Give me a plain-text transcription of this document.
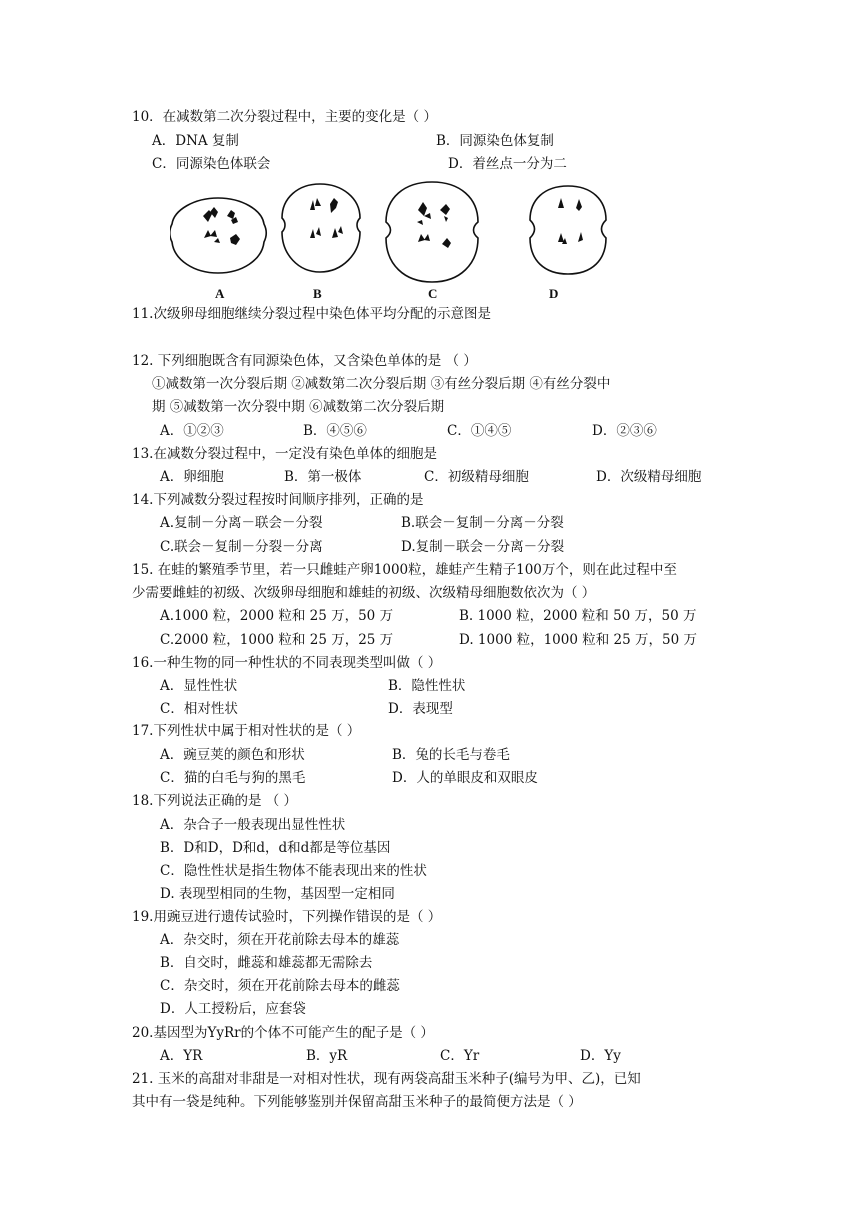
10．在减数第二次分裂过程中，主要的变化是（ ）
A．DNA 复制	B．同源染色体复制
C．同源染色体联会	D．着丝点一分为二
A	B	C	D
11.次级卵母细胞继续分裂过程中染色体平均分配的示意图是
12. 下列细胞既含有同源染色体，又含染色单体的是 （ ）
①减数第一次分裂后期 ②减数第二次分裂后期 ③有丝分裂后期 ④有丝分裂中
期 ⑤减数第一次分裂中期 ⑥减数第二次分裂后期
A．①②③	B．④⑤⑥	C．①④⑤	D．②③⑥
13.在减数分裂过程中，一定没有染色单体的细胞是
A．卵细胞	B．第一极体	C．初级精母细胞	D．次级精母细胞
14.下列减数分裂过程按时间顺序排列，正确的是
A.复制－分离－联会－分裂	B.联会－复制－分离－分裂
C.联会－复制－分裂－分离	D.复制－联会－分离－分裂
15. 在蛙的繁殖季节里，若一只雌蛙产卵1000粒，雄蛙产生精子100万个，则在此过程中至
少需要雌蛙的初级、次级卵母细胞和雄蛙的初级、次级精母细胞数依次为（ ）
A.1000 粒，2000 粒和 25 万，50 万	B. 1000 粒，2000 粒和 50 万，50 万
C.2000 粒，1000 粒和 25 万，25 万	D. 1000 粒，1000 粒和 25 万，50 万
16.一种生物的同一种性状的不同表现类型叫做（ ）
A．显性性状	B．隐性性状
C．相对性状	D．表现型
17.下列性状中属于相对性状的是（ ）
A．豌豆荚的颜色和形状	B．兔的长毛与卷毛
C．猫的白毛与狗的黑毛	D．人的单眼皮和双眼皮
18.下列说法正确的是 （ ）
A．杂合子一般表现出显性性状
B．D和D，D和d，d和d都是等位基因
C．隐性性状是指生物体不能表现出来的性状
D. 表现型相同的生物，基因型一定相同
19.用豌豆进行遗传试验时，下列操作错误的是（ ）
A．杂交时，须在开花前除去母本的雄蕊
B．自交时，雌蕊和雄蕊都无需除去
C．杂交时，须在开花前除去母本的雌蕊
D．人工授粉后，应套袋
20.基因型为YyRr的个体不可能产生的配子是（ ）
A．YR	B．yR	C．Yr	D．Yy
21. 玉米的高甜对非甜是一对相对性状，现有两袋高甜玉米种子(编号为甲、乙)，已知
其中有一袋是纯种。下列能够鉴别并保留高甜玉米种子的最简便方法是（ ）
